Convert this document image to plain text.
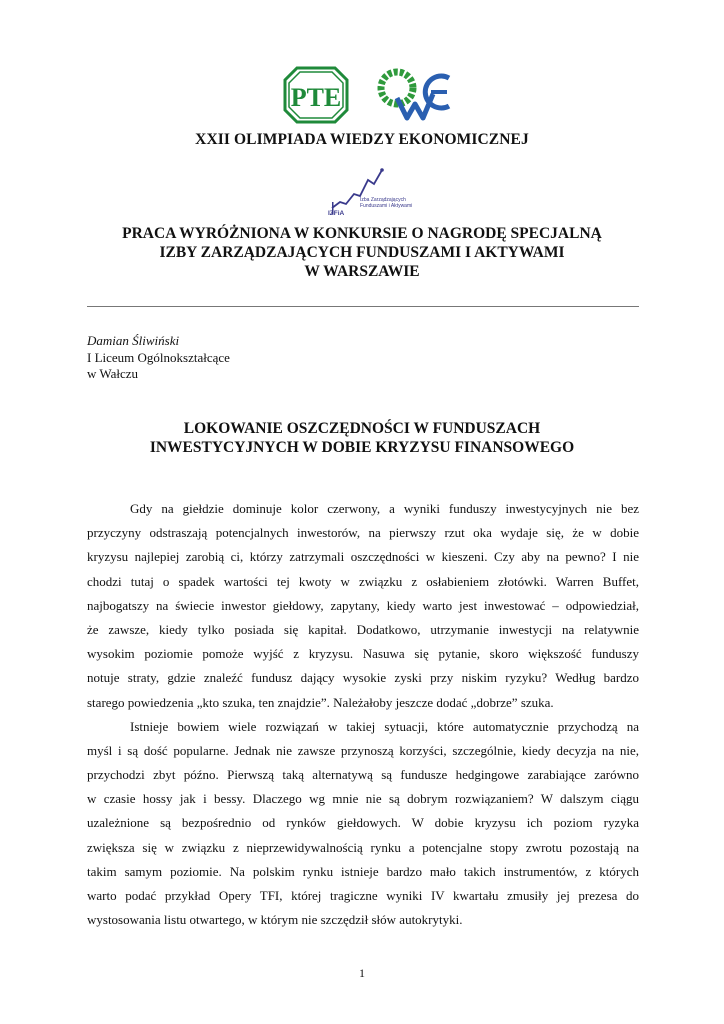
PTE
XXII OLIMPIADA WIEDZY EKONOMICZNEJ
Izba Zarządzających
Funduszami i Aktywami
IZFiA
PRACA WYRÓŻNIONA W KONKURSIE O NAGRODĘ SPECJALNĄ
IZBY ZARZĄDZAJĄCYCH FUNDUSZAMI I AKTYWAMI
W WARSZAWIE
Damian Śliwiński
I Liceum Ogólnokształcące
w Wałczu
LOKOWANIE OSZCZĘDNOŚCI W FUNDUSZACH
INWESTYCYJNYCH W DOBIE KRYZYSU FINANSOWEGO
Gdy na giełdzie dominuje kolor czerwony, a wyniki funduszy inwestycyjnych nie bez
przyczyny odstraszają potencjalnych inwestorów, na pierwszy rzut oka wydaje się, że w dobie
kryzysu najlepiej zarobią ci, którzy zatrzymali oszczędności w kieszeni. Czy aby na pewno? I nie
chodzi tutaj o spadek wartości tej kwoty w związku z osłabieniem złotówki. Warren Buffet,
najbogatszy na świecie inwestor giełdowy, zapytany, kiedy warto jest inwestować – odpowiedział,
że zawsze, kiedy tylko posiada się kapitał. Dodatkowo, utrzymanie inwestycji na relatywnie
wysokim poziomie pomoże wyjść z kryzysu. Nasuwa się pytanie, skoro większość funduszy
notuje straty, gdzie znaleźć fundusz dający wysokie zyski przy niskim ryzyku? Według bardzo
starego powiedzenia „kto szuka, ten znajdzie”. Należałoby jeszcze dodać „dobrze” szuka.
Istnieje bowiem wiele rozwiązań w takiej sytuacji, które automatycznie przychodzą na
myśl i są dość popularne. Jednak nie zawsze przynoszą korzyści, szczególnie, kiedy decyzja na nie,
przychodzi zbyt późno. Pierwszą taką alternatywą są fundusze hedgingowe zarabiające zarówno
w czasie hossy jak i bessy. Dlaczego wg mnie nie są dobrym rozwiązaniem? W dalszym ciągu
uzależnione są bezpośrednio od rynków giełdowych. W dobie kryzysu ich poziom ryzyka
zwiększa się w związku z nieprzewidywalnością rynku a potencjalne stopy zwrotu pozostają na
takim samym poziomie. Na polskim rynku istnieje bardzo mało takich instrumentów, z których
warto podać przykład Opery TFI, której tragiczne wyniki IV kwartału zmusiły jej prezesa do
wystosowania listu otwartego, w którym nie szczędził słów autokrytyki.
1
